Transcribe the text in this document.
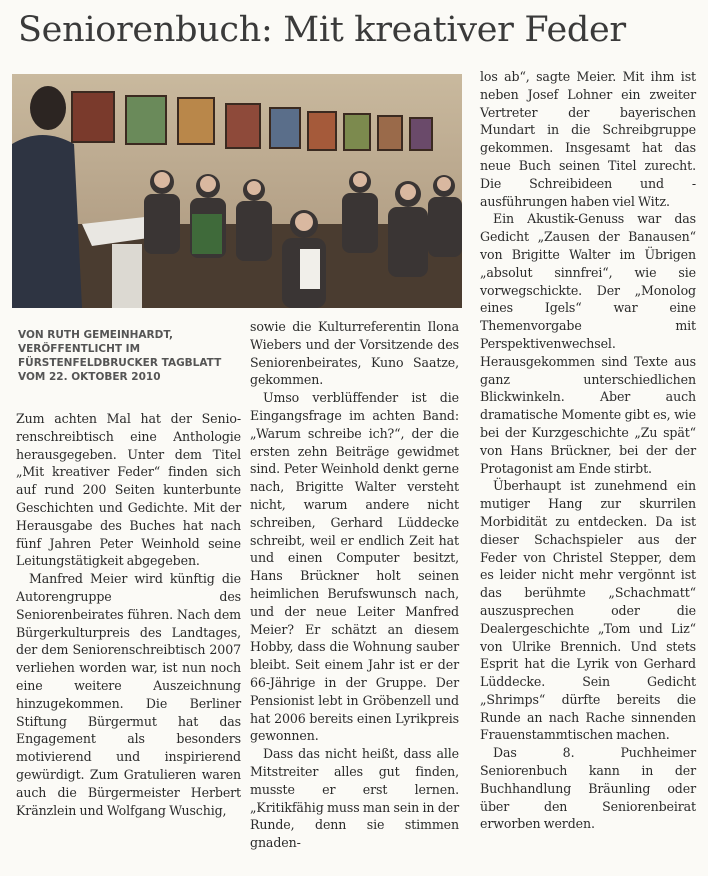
Seniorenbuch: Mit kreativer Feder
VON RUTH GEMEINHARDT,
VERÖFFENTLICHT IM
FÜRSTENFELDBRUCKER TAGBLATT
VOM 22. OKTOBER 2010

Zum achten Mal hat der Senio-renschreibtisch eine Anthologie herausgegeben. Unter dem Titel „Mit kreativer Feder“ finden sich auf rund 200 Seiten kunterbunte Geschichten und Gedichte. Mit der Herausgabe des Buches hat nach fünf Jahren Peter Weinhold seine Leitungstätigkeit abgegeben.

Manfred Meier wird künftig die Autorengruppe des Seniorenbeirates führen. Nach dem Bürgerkulturpreis des Landtages, der dem Seniorenschreibtisch 2007 verliehen worden war, ist nun noch eine weitere Auszeichnung hinzugekommen. Die Berliner Stiftung Bürgermut hat das Engagement als besonders motivierend und inspirierend gewürdigt. Zum Gratulieren waren auch die Bürgermeister Herbert Kränzlein und Wolfgang Wuschig,

sowie die Kulturreferentin Ilona Wiebers und der Vorsitzende des Seniorenbeirates, Kuno Saatze, gekommen.

Umso verblüffender ist die Eingangsfrage im achten Band: „Warum schreibe ich?“, der die ersten zehn Beiträge gewidmet sind. Peter Weinhold denkt gerne nach, Brigitte Walter versteht nicht, warum andere nicht schreiben, Gerhard Lüddecke schreibt, weil er endlich Zeit hat und einen Computer besitzt, Hans Brückner holt seinen heimlichen Berufswunsch nach, und der neue Leiter Manfred Meier? Er schätzt an diesem Hobby, dass die Wohnung sauber bleibt. Seit einem Jahr ist er der 66-Jährige in der Gruppe. Der Pensionist lebt in Gröbenzell und hat 2006 bereits einen Lyrikpreis gewonnen.

Dass das nicht heißt, dass alle Mitstreiter alles gut finden, musste er erst lernen. „Kritikfähig muss man sein in der Runde, denn sie stimmen gnaden-

los ab“, sagte Meier. Mit ihm ist neben Josef Lohner ein zweiter Vertreter der bayerischen Mundart in die Schreibgruppe gekommen. Insgesamt hat das neue Buch seinen Titel zurecht. Die Schreibideen und -ausführungen haben viel Witz.

Ein Akustik-Genuss war das Gedicht „Zausen der Banausen“ von Brigitte Walter im Übrigen „absolut sinnfrei“, wie sie vorwegschickte. Der „Monolog eines Igels“ war eine Themenvorgabe mit Perspektivenwechsel. Herausgekommen sind Texte aus ganz unterschiedlichen Blickwinkeln. Aber auch dramatische Momente gibt es, wie bei der Kurzgeschichte „Zu spät“ von Hans Brückner, bei der der Protagonist am Ende stirbt.

Überhaupt ist zunehmend ein mutiger Hang zur skurrilen Morbidität zu entdecken. Da ist dieser Schachspieler aus der Feder von Christel Stepper, dem es leider nicht mehr vergönnt ist das berühmte „Schachmatt“ auszusprechen oder die Dealergeschichte „Tom und Liz“ von Ulrike Brennich. Und stets Esprit hat die Lyrik von Gerhard Lüddecke. Sein Gedicht „Shrimps“ dürfte bereits die Runde an nach Rache sinnenden Frauenstammtischen machen.

Das 8. Puchheimer Seniorenbuch kann in der Buchhandlung Bräunling oder über den Seniorenbeirat erworben werden.
